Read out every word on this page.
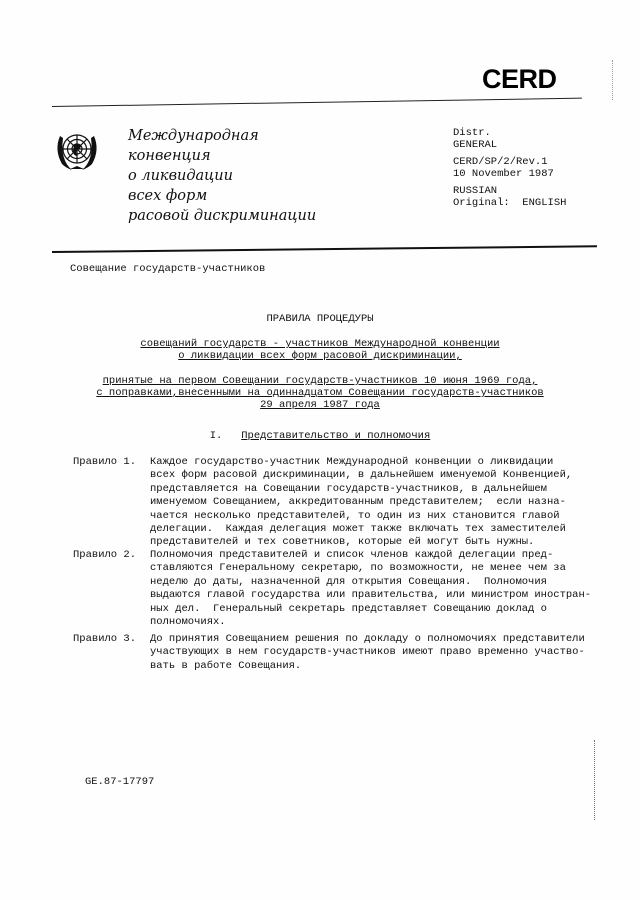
CERD
Международная
конвенция
о ликвидации
всех форм
расовой дискриминации
Distr.
GENERAL
CERD/SP/2/Rev.1
10 November 1987
RUSSIAN
Original:  ENGLISH
Совещание государств-участников
ПРАВИЛА ПРОЦЕДУРЫ
совещаний государств - участников Международной конвенции
о ликвидации всех форм расовой дискриминации,
принятые на первом Совещании государств-участников 10 июня 1969 года,
с поправками,внесенными на одиннадцатом Совещании государств-участников
29 апреля 1987 года
I. Представительство и полномочия
Правило 1. Каждое государство-участник Международной конвенции о ликвидации
всех форм расовой дискриминации, в дальнейшем именуемой Конвенцией,
представляется на Совещании государств-участников, в дальнейшем
именуемом Совещанием, аккредитованным представителем;  если назна-
чается несколько представителей, то один из них становится главой
делегации.  Каждая делегация может также включать тех заместителей
представителей и тех советников, которые ей могут быть нужны.
Правило 2. Полномочия представителей и список членов каждой делегации пред-
ставляются Генеральному секретарю, по возможности, не менее чем за
неделю до даты, назначенной для открытия Совещания.  Полномочия
выдаются главой государства или правительства, или министром иностран-
ных дел.  Генеральный секретарь представляет Совещанию доклад о
полномочиях.
Правило 3. До принятия Совещанием решения по докладу о полномочиях представители
участвующих в нем государств-участников имеют право временно участво-
вать в работе Совещания.
GE.87-17797
